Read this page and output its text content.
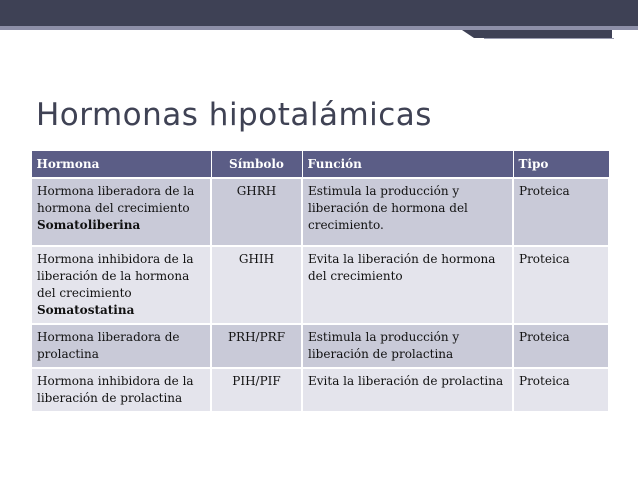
Hormonas hipotalámicas
Hormona	Símbolo	Función	Tipo
Hormona liberadora de la hormona del crecimiento
Somatoliberina	GHRH	Estimula la producción y liberación de hormona del crecimiento.	Proteica
Hormona inhibidora de la liberación de la hormona del crecimiento
Somatostatina	GHIH	Evita la liberación de hormona del crecimiento	Proteica
Hormona liberadora de prolactina	PRH/PRF	Estimula la producción y liberación de prolactina	Proteica
Hormona inhibidora de la liberación de prolactina	PIH/PIF	Evita la liberación de prolactina	Proteica
